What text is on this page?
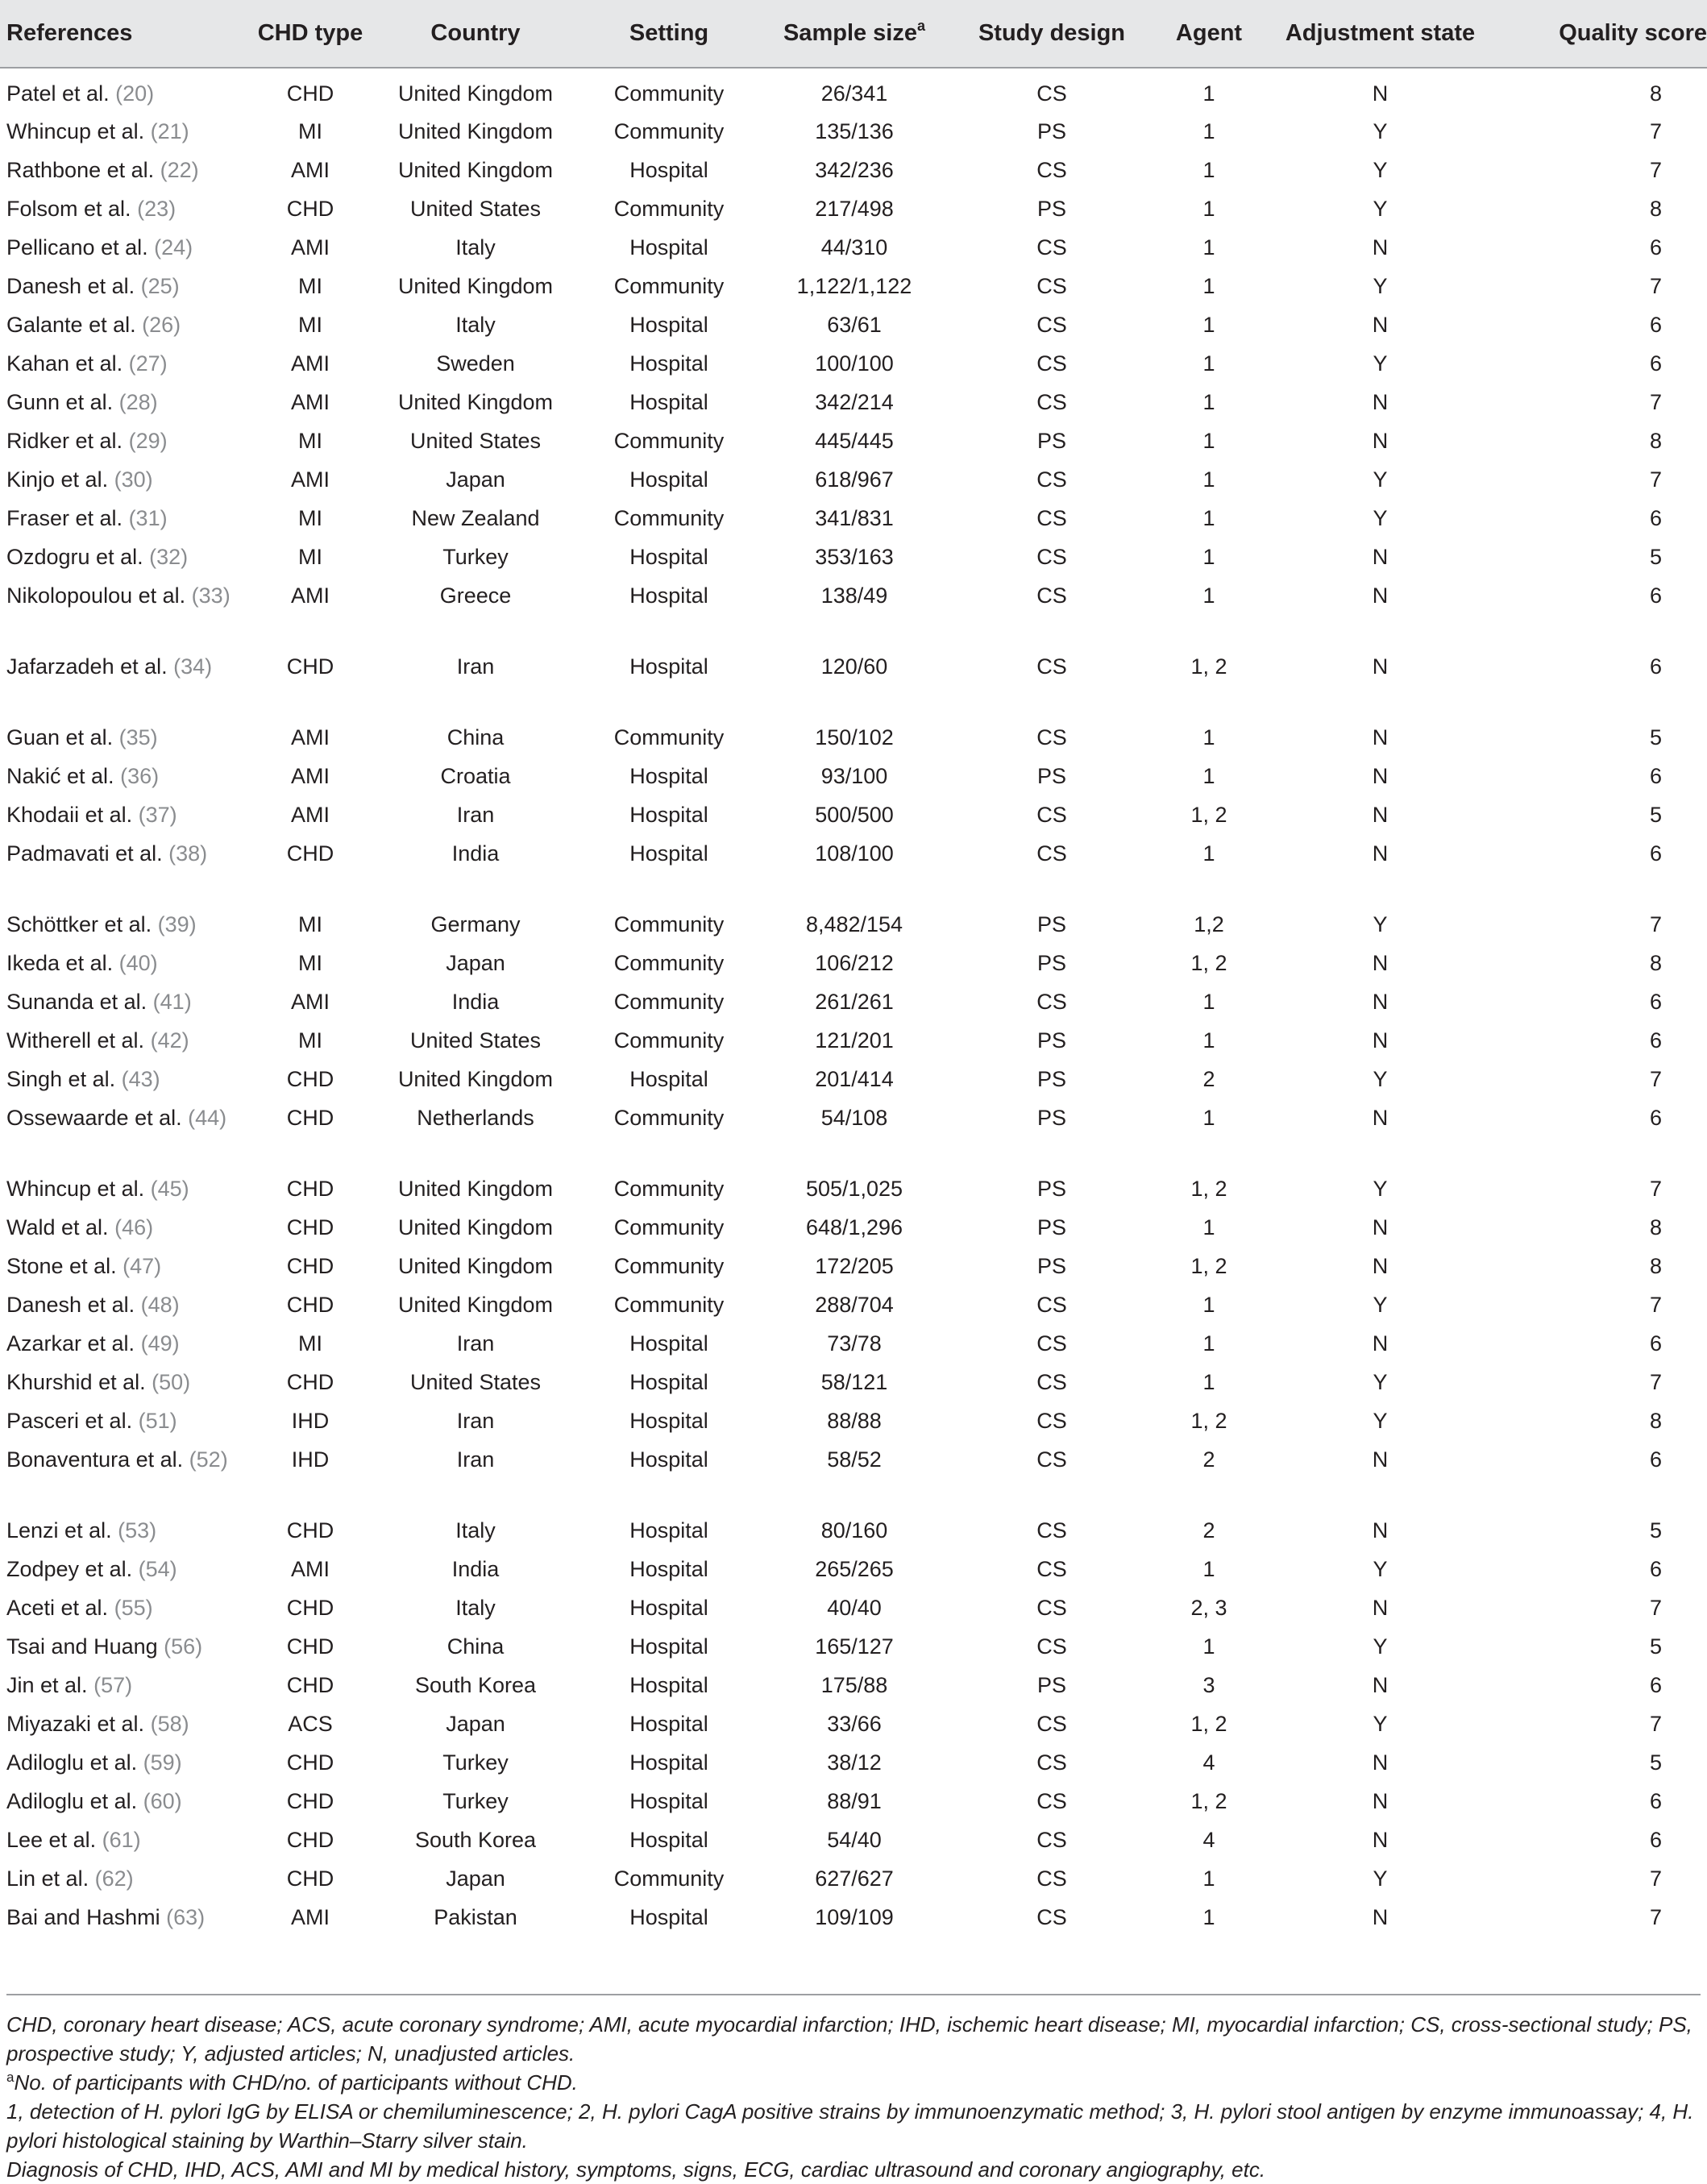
References	CHD type	Country	Setting	Sample size$^a$	Study design	Agent	Adjustment state	Quality score
Patel et al. (20)	CHD	United Kingdom	Community	26/341	CS	1	N	8
Whincup et al. (21)	MI	United Kingdom	Community	135/136	PS	1	Y	7
Rathbone et al. (22)	AMI	United Kingdom	Hospital	342/236	CS	1	Y	7
Folsom et al. (23)	CHD	United States	Community	217/498	PS	1	Y	8
Pellicano et al. (24)	AMI	Italy	Hospital	44/310	CS	1	N	6
Danesh et al. (25)	MI	United Kingdom	Community	1,122/1,122	CS	1	Y	7
Galante et al. (26)	MI	Italy	Hospital	63/61	CS	1	N	6
Kahan et al. (27)	AMI	Sweden	Hospital	100/100	CS	1	Y	6
Gunn et al. (28)	AMI	United Kingdom	Hospital	342/214	CS	1	N	7
Ridker et al. (29)	MI	United States	Community	445/445	PS	1	N	8
Kinjo et al. (30)	AMI	Japan	Hospital	618/967	CS	1	Y	7
Fraser et al. (31)	MI	New Zealand	Community	341/831	CS	1	Y	6
Ozdogru et al. (32)	MI	Turkey	Hospital	353/163	CS	1	N	5
Nikolopoulou et al. (33)	AMI	Greece	Hospital	138/49	CS	1	N	6
Jafarzadeh et al. (34)	CHD	Iran	Hospital	120/60	CS	1, 2	N	6
Guan et al. (35)	AMI	China	Community	150/102	CS	1	N	5
Nakić et al. (36)	AMI	Croatia	Hospital	93/100	PS	1	N	6
Khodaii et al. (37)	AMI	Iran	Hospital	500/500	CS	1, 2	N	5
Padmavati et al. (38)	CHD	India	Hospital	108/100	CS	1	N	6
Schöttker et al. (39)	MI	Germany	Community	8,482/154	PS	1,2	Y	7
Ikeda et al. (40)	MI	Japan	Community	106/212	PS	1, 2	N	8
Sunanda et al. (41)	AMI	India	Community	261/261	CS	1	N	6
Witherell et al. (42)	MI	United States	Community	121/201	PS	1	N	6
Singh et al. (43)	CHD	United Kingdom	Hospital	201/414	PS	2	Y	7
Ossewaarde et al. (44)	CHD	Netherlands	Community	54/108	PS	1	N	6
Whincup et al. (45)	CHD	United Kingdom	Community	505/1,025	PS	1, 2	Y	7
Wald et al. (46)	CHD	United Kingdom	Community	648/1,296	PS	1	N	8
Stone et al. (47)	CHD	United Kingdom	Community	172/205	PS	1, 2	N	8
Danesh et al. (48)	CHD	United Kingdom	Community	288/704	CS	1	Y	7
Azarkar et al. (49)	MI	Iran	Hospital	73/78	CS	1	N	6
Khurshid et al. (50)	CHD	United States	Hospital	58/121	CS	1	Y	7
Pasceri et al. (51)	IHD	Iran	Hospital	88/88	CS	1, 2	Y	8
Bonaventura et al. (52)	IHD	Iran	Hospital	58/52	CS	2	N	6
Lenzi et al. (53)	CHD	Italy	Hospital	80/160	CS	2	N	5
Zodpey et al. (54)	AMI	India	Hospital	265/265	CS	1	Y	6
Aceti et al. (55)	CHD	Italy	Hospital	40/40	CS	2, 3	N	7
Tsai and Huang (56)	CHD	China	Hospital	165/127	CS	1	Y	5
Jin et al. (57)	CHD	South Korea	Hospital	175/88	PS	3	N	6
Miyazaki et al. (58)	ACS	Japan	Hospital	33/66	CS	1, 2	Y	7
Adiloglu et al. (59)	CHD	Turkey	Hospital	38/12	CS	4	N	5
Adiloglu et al. (60)	CHD	Turkey	Hospital	88/91	CS	1, 2	N	6
Lee et al. (61)	CHD	South Korea	Hospital	54/40	CS	4	N	6
Lin et al. (62)	CHD	Japan	Community	627/627	CS	1	Y	7
Bai and Hashmi (63)	AMI	Pakistan	Hospital	109/109	CS	1	N	7

CHD, coronary heart disease; ACS, acute coronary syndrome; AMI, acute myocardial infarction; IHD, ischemic heart disease; MI, myocardial infarction; CS, cross-sectional study; PS, prospective study; Y, adjusted articles; N, unadjusted articles.

$^a$No. of participants with CHD/no. of participants without CHD.

1, detection of H. pylori IgG by ELISA or chemiluminescence; 2, H. pylori CagA positive strains by immunoenzymatic method; 3, H. pylori stool antigen by enzyme immunoassay; 4, H. pylori histological staining by Warthin–Starry silver stain.

Diagnosis of CHD, IHD, ACS, AMI and MI by medical history, symptoms, signs, ECG, cardiac ultrasound and coronary angiography, etc.
